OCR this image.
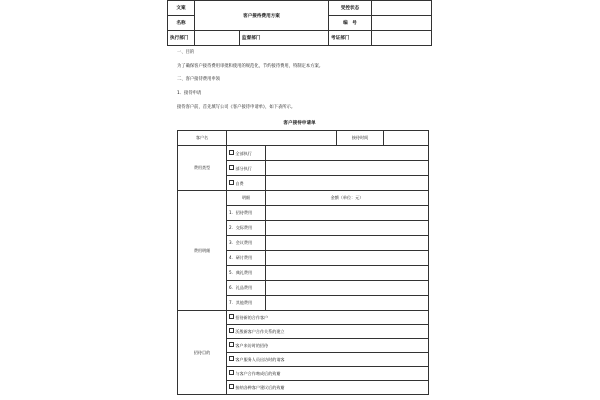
文案	客户接待费用方案		受控状态	
名称			编　号	
执行部门		监督部门	考证部门	

一、目的

为了确保客户接待费用审批和使用的规范化，节约接待费用，特制定本方案。

二、客户接待费用申领

1．接待申请

接待客户前，首先填写公司《客户接待申请单》，如下表所示。

客户接待申请单
客户名			接待时间	
费用类型	全部执行			
	部分执行			
	自费			
费用明细	明细	金额（单位：元）		
	1．招待费用			
	2．交际费用			
	3．会议费用			
	4．研讨费用			
	5．典礼费用			
	6．礼品费用			
	7．其他费用			
招待目的	招待新的合作客户			
	沃殷新客户合作关系的建立			
	客户来访时的招待			
	客户服务人员出访时的请客			
	与客户合作吻成后的致谢			
	接纳各种客户建议后的致谢			
